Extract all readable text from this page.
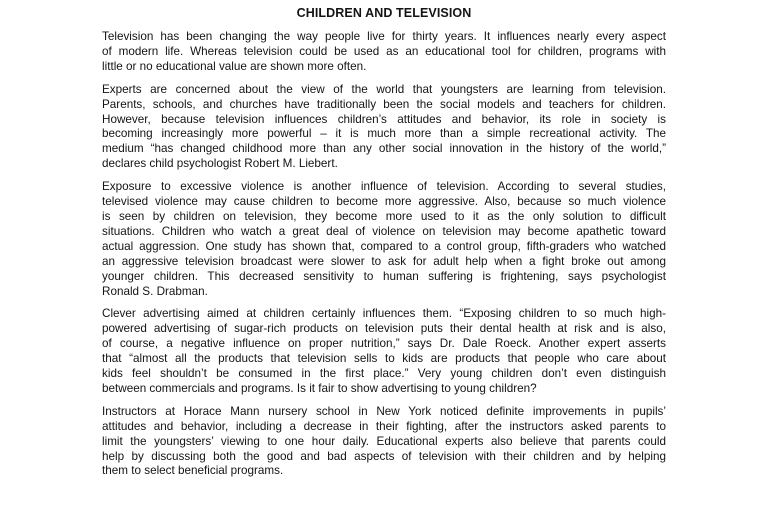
CHILDREN AND TELEVISION
Television has been changing the way people live for thirty years. It influences nearly every aspect
of modern life. Whereas television could be used as an educational tool for children, programs with
little or no educational value are shown more often.
Experts are concerned about the view of the world that youngsters are learning from television.
Parents, schools, and churches have traditionally been the social models and teachers for children.
However, because television influences children’s attitudes and behavior, its role in society is
becoming increasingly more powerful – it is much more than a simple recreational activity. The
medium “has changed childhood more than any other social innovation in the history of the world,”
declares child psychologist Robert M. Liebert.
Exposure to excessive violence is another influence of television. According to several studies,
televised violence may cause children to become more aggressive. Also, because so much violence
is seen by children on television, they become more used to it as the only solution to difficult
situations. Children who watch a great deal of violence on television may become apathetic toward
actual aggression. One study has shown that, compared to a control group, fifth-graders who watched
an aggressive television broadcast were slower to ask for adult help when a fight broke out among
younger children. This decreased sensitivity to human suffering is frightening, says psychologist
Ronald S. Drabman.
Clever advertising aimed at children certainly influences them. “Exposing children to so much high-
powered advertising of sugar-rich products on television puts their dental health at risk and is also,
of course, a negative influence on proper nutrition,” says Dr. Dale Roeck. Another expert asserts
that “almost all the products that television sells to kids are products that people who care about
kids feel shouldn’t be consumed in the first place.” Very young children don’t even distinguish
between commercials and programs. Is it fair to show advertising to young children?
Instructors at Horace Mann nursery school in New York noticed definite improvements in pupils’
attitudes and behavior, including a decrease in their fighting, after the instructors asked parents to
limit the youngsters’ viewing to one hour daily. Educational experts also believe that parents could
help by discussing both the good and bad aspects of television with their children and by helping
them to select beneficial programs.
